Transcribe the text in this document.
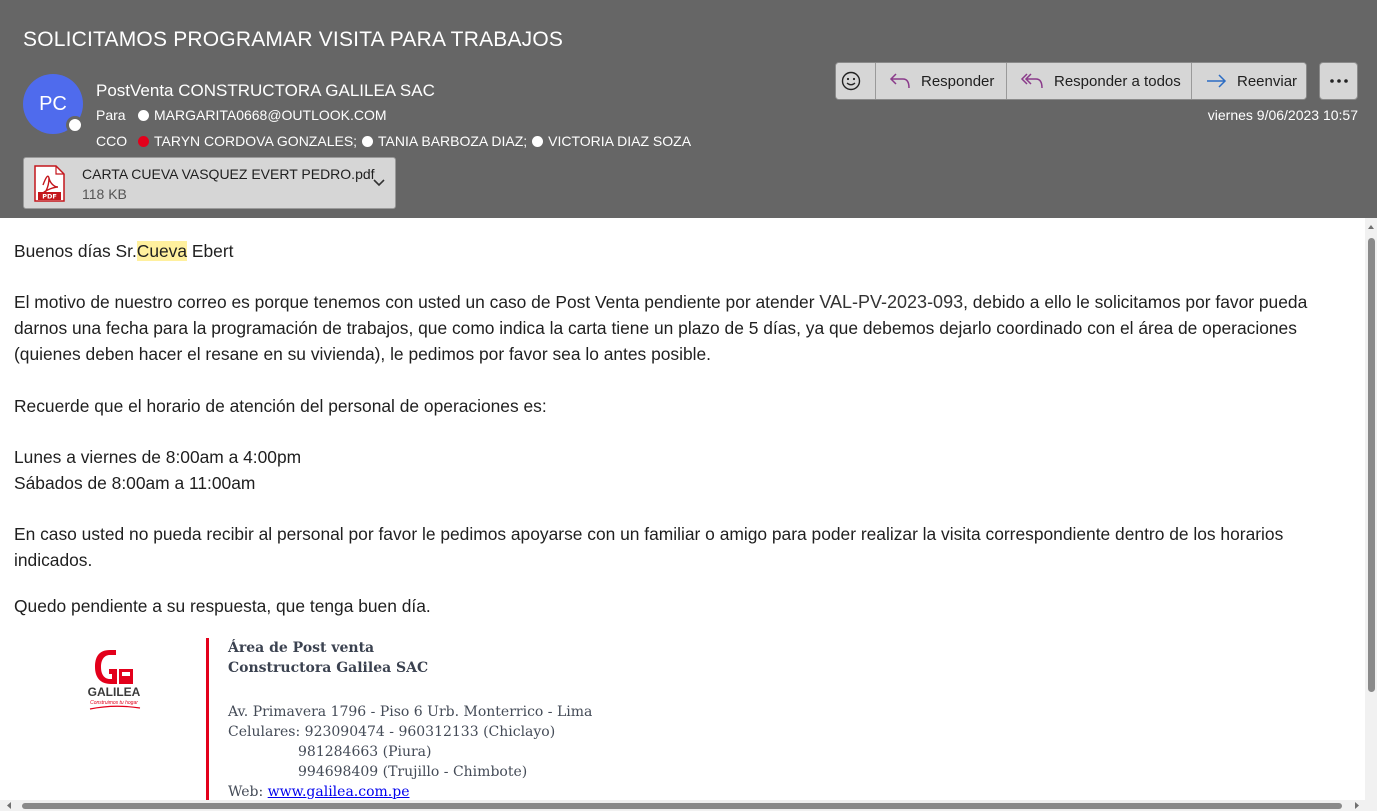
SOLICITAMOS PROGRAMAR VISITA PARA TRABAJOS
PC
PostVenta CONSTRUCTORA GALILEA SAC
Para	MARGARITA0668@OUTLOOK.COM
CCO	TARYN CORDOVA GONZALES ; TANIA BARBOZA DIAZ ; VICTORIA DIAZ SOZA
PDF
CARTA CUEVA VASQUEZ EVERT PEDRO.pdf
118 KB
Responder	Responder a todos	Reenviar
viernes 9/06/2023 10:57

Buenos días Sr.Cueva Ebert

El motivo de nuestro correo es porque tenemos con usted un caso de Post Venta pendiente por atender VAL-PV-2023-093, debido a ello le solicitamos por favor pueda darnos una fecha para la programación de trabajos, que como indica la carta tiene un plazo de 5 días, ya que debemos dejarlo coordinado con el área de operaciones (quienes deben hacer el resane en su vivienda), le pedimos por favor sea lo antes posible.

Recuerde que el horario de atención del personal de operaciones es:

Lunes a viernes de 8:00am a 4:00pm

Sábados de 8:00am a 11:00am

En caso usted no pueda recibir al personal por favor le pedimos apoyarse con un familiar o amigo para poder realizar la visita correspondiente dentro de los horarios indicados.

Quedo pendiente a su respuesta, que tenga buen día.

GALILEA
Construimos tu hogar
Área de Post venta
Constructora Galilea SAC
Av. Primavera 1796 - Piso 6 Urb. Monterrico - Lima
Celulares: 923090474 - 960312133 (Chiclayo)
981284663 (Piura)
994698409 (Trujillo - Chimbote)
Web: www.galilea.com.pe
